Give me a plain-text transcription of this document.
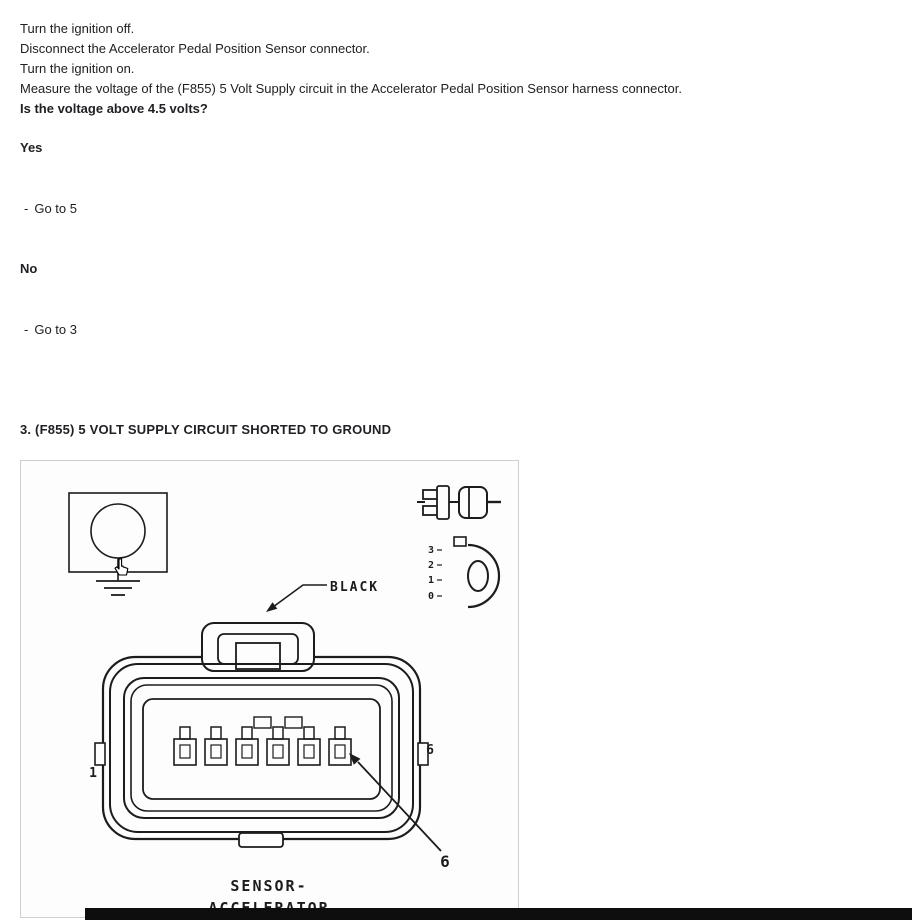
Turn the ignition off.

Disconnect the Accelerator Pedal Position Sensor connector.

Turn the ignition on.

Measure the voltage of the (F855) 5 Volt Supply circuit in the Accelerator Pedal Position Sensor harness connector.

Is the voltage above 4.5 volts?

Yes
- Go to 5
No
- Go to 3
3. (F855) 5 VOLT SUPPLY CIRCUIT SHORTED TO GROUND
3
2
1
0
BLACK
1
6
6
SENSOR-
